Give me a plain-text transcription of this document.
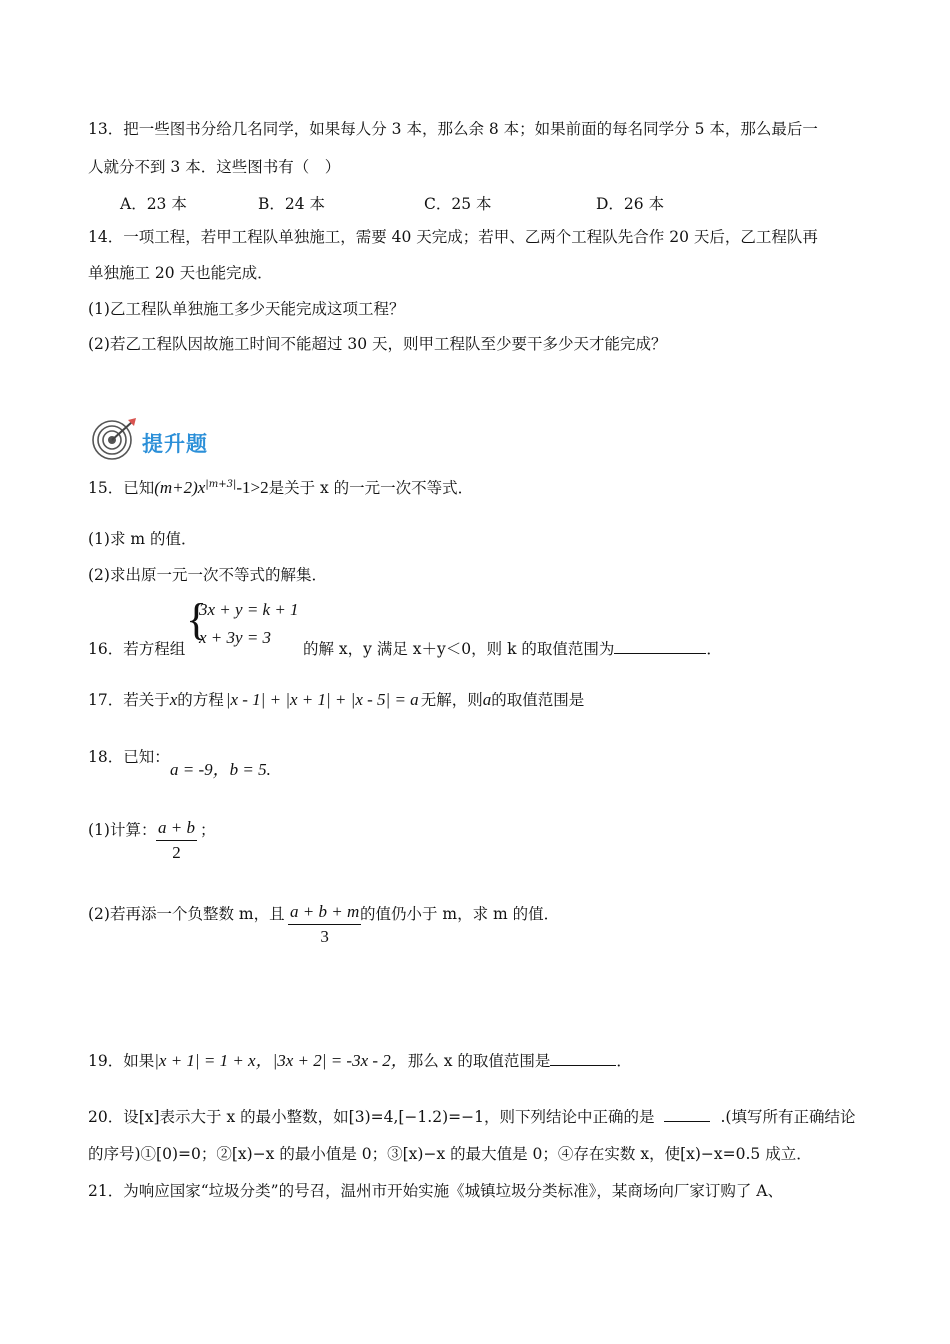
13．把一些图书分给几名同学，如果每人分 3 本，那么余 8 本；如果前面的每名同学分 5 本，那么最后一
人就分不到 3 本．这些图书有（　）
A．23 本	B．24 本	C．25 本	D．26 本
14．一项工程，若甲工程队单独施工，需要 40 天完成；若甲、乙两个工程队先合作 20 天后，乙工程队再
单独施工 20 天也能完成．
(1)乙工程队单独施工多少天能完成这项工程？
(2)若乙工程队因故施工时间不能超过 30 天，则甲工程队至少要干多少天才能完成？
提升题
15．已知$(m+2)x^{|m+3|}-1>2$是关于 x 的一元一次不等式．
(1)求 m 的值．
(2)求出原一元一次不等式的解集．
{
3x + y = k + 1
x + 3y = 3
16．若方程组	的解 x，y 满足 x＋y＜0，则 k 的取值范围为	．
17．若关于x的方程 |x - 1| + |x + 1| + |x - 5| = a 无解，则a的取值范围是
18．已知：
a = -9，b = 5.
(1)计算： $\frac{a + b}{2}$ ；
(2)若再添一个负整数 m，且 $\frac{a + b + m}{3}$
的值仍小于 m，求 m 的值．
19．如果|x + 1| = 1 + x，|3x + 2| = -3x - 2，那么 x 的取值范围是	．
20．设[x]表示大于 x 的最小整数，如[3)=4,[−1.2)=−1，则下列结论中正确的是	.(填写所有正确结论
的序号)①[0)=0；②[x)−x 的最小值是 0；③[x)−x 的最大值是 0；④存在实数 x，使[x)−x=0.5 成立．
21．为响应国家“垃圾分类”的号召，温州市开始实施《城镇垃圾分类标准》，某商场向厂家订购了 A、
